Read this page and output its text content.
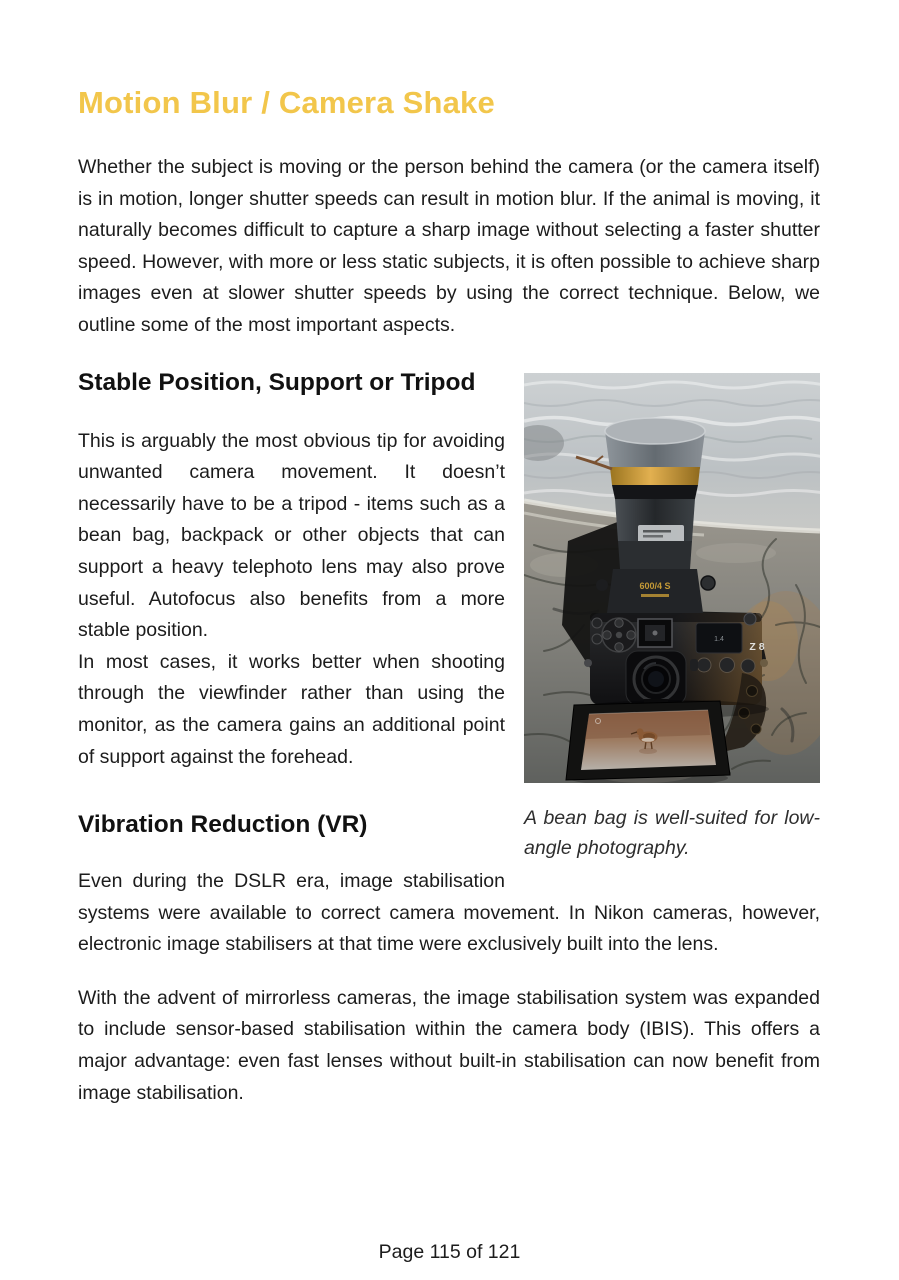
Motion Blur / Camera Shake

Whether the subject is moving or the person behind the camera (or the camera itself) is in motion, longer shutter speeds can result in motion blur. If the animal is moving, it naturally becomes difficult to capture a sharp image without selecting a faster shutter speed. However, with more or less static subjects, it is often possible to achieve sharp images even at slower shutter speeds by using the correct technique. Below, we outline some of the most important aspects.

600/4 S
1.4
Z 8
A bean bag is well-suited for low-angle photography.
Stable Position, Support or Tripod

This is arguably the most obvious tip for avoiding unwanted camera movement. It doesn’t necessarily have to be a tripod - items such as a bean bag, backpack or other objects that can support a heavy telephoto lens may also prove useful. Autofocus also benefits from a more stable position.

In most cases, it works better when shooting through the viewfinder rather than using the monitor, as the camera gains an additional point of support against the forehead.

Vibration Reduction (VR)

Even during the DSLR era, image stabilisation systems were available to correct camera movement. In Nikon cameras, however, electronic image stabilisers at that time were exclusively built into the lens.

With the advent of mirrorless cameras, the image stabilisation system was expanded to include sensor-based stabilisation within the camera body (IBIS). This offers a major advantage: even fast lenses without built-in stabilisation can now benefit from image stabilisation.

Page 115 of 121
